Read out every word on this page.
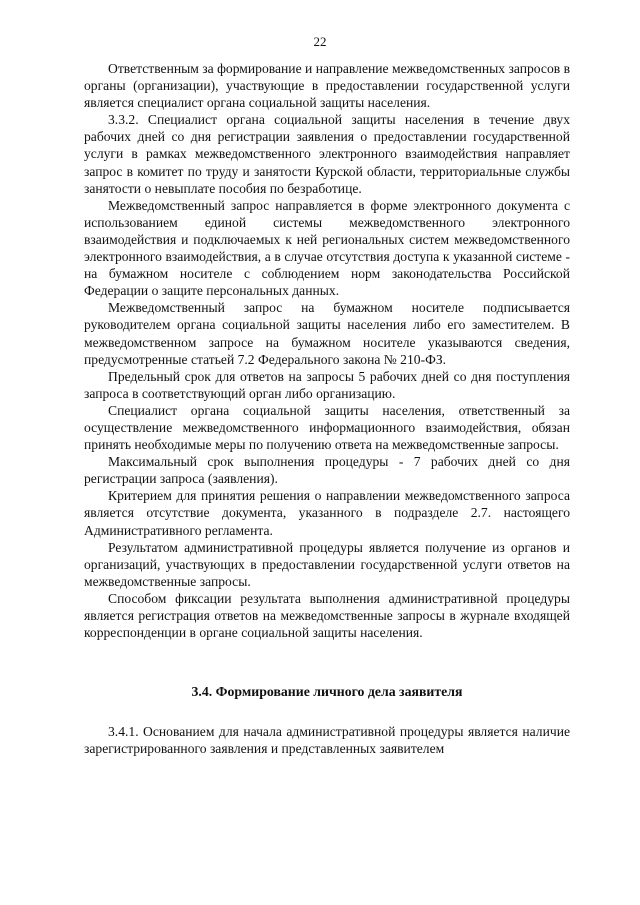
22

Ответственным за формирование и направление межведомственных запросов в органы (организации), участвующие в предоставлении государственной услуги является специалист органа социальной защиты населения.

3.3.2. Специалист органа социальной защиты населения в течение двух рабочих дней со дня регистрации заявления о предоставлении государственной услуги в рамках межведомственного электронного взаимодействия направляет запрос в комитет по труду и занятости Курской области, территориальные службы занятости о невыплате пособия по безработице.

Межведомственный запрос направляется в форме электронного документа с использованием единой системы межведомственного электронного взаимодействия и подключаемых к ней региональных систем межведомственного электронного взаимодействия, а в случае отсутствия доступа к указанной системе - на бумажном носителе с соблюдением норм законодательства Российской Федерации о защите персональных данных.

Межведомственный запрос на бумажном носителе подписывается руководителем органа социальной защиты населения либо его заместителем. В межведомственном запросе на бумажном носителе указываются сведения, предусмотренные статьей 7.2 Федерального закона № 210-ФЗ.

Предельный срок для ответов на запросы 5 рабочих дней со дня поступления запроса в соответствующий орган либо организацию.

Специалист органа социальной защиты населения, ответственный за осуществление межведомственного информационного взаимодействия, обязан принять необходимые меры по получению ответа на межведомственные запросы.

Максимальный срок выполнения процедуры - 7 рабочих дней со дня регистрации запроса (заявления).

Критерием для принятия решения о направлении межведомственного запроса является отсутствие документа, указанного в подразделе 2.7. настоящего Административного регламента.

Результатом административной процедуры является получение из органов и организаций, участвующих в предоставлении государственной услуги ответов на межведомственные запросы.

Способом фиксации результата выполнения административной процедуры является регистрация ответов на межведомственные запросы в журнале входящей корреспонденции в органе социальной защиты населения.

3.4. Формирование личного дела заявителя

3.4.1. Основанием для начала административной процедуры является наличие зарегистрированного заявления и представленных заявителем
